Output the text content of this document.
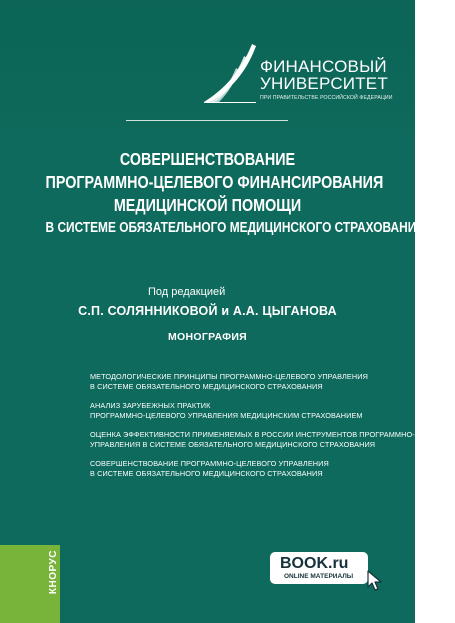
ФИНАНСОВЫЙ
УНИВЕРСИТЕТ
ПРИ ПРАВИТЕЛЬСТВЕ РОССИЙСКОЙ ФЕДЕРАЦИИ
СОВЕРШЕНСТВОВАНИЕ
ПРОГРАММНО-ЦЕЛЕВОГО ФИНАНСИРОВАНИЯ
МЕДИЦИНСКОЙ ПОМОЩИ
В СИСТЕМЕ ОБЯЗАТЕЛЬНОГО МЕДИЦИНСКОГО СТРАХОВАНИЯ
Под редакцией
С.П. СОЛЯННИКОВОЙ и А.А. ЦЫГАНОВА
МОНОГРАФИЯ
МЕТОДОЛОГИЧЕСКИЕ ПРИНЦИПЫ ПРОГРАММНО-ЦЕЛЕВОГО УПРАВЛЕНИЯ
В СИСТЕМЕ ОБЯЗАТЕЛЬНОГО МЕДИЦИНСКОГО СТРАХОВАНИЯ
АНАЛИЗ ЗАРУБЕЖНЫХ ПРАКТИК
ПРОГРАММНО-ЦЕЛЕВОГО УПРАВЛЕНИЯ МЕДИЦИНСКИМ СТРАХОВАНИЕМ
ОЦЕНКА ЭФФЕКТИВНОСТИ ПРИМЕНЯЕМЫХ В РОССИИ ИНСТРУМЕНТОВ ПРОГРАММНО-ЦЕЛЕВОГО
УПРАВЛЕНИЯ В СИСТЕМЕ ОБЯЗАТЕЛЬНОГО МЕДИЦИНСКОГО СТРАХОВАНИЯ
СОВЕРШЕНСТВОВАНИЕ ПРОГРАММНО-ЦЕЛЕВОГО УПРАВЛЕНИЯ
В СИСТЕМЕ ОБЯЗАТЕЛЬНОГО МЕДИЦИНСКОГО СТРАХОВАНИЯ
КНОРУС	BOOK.ru
ONLINE МАТЕРИАЛЫ
